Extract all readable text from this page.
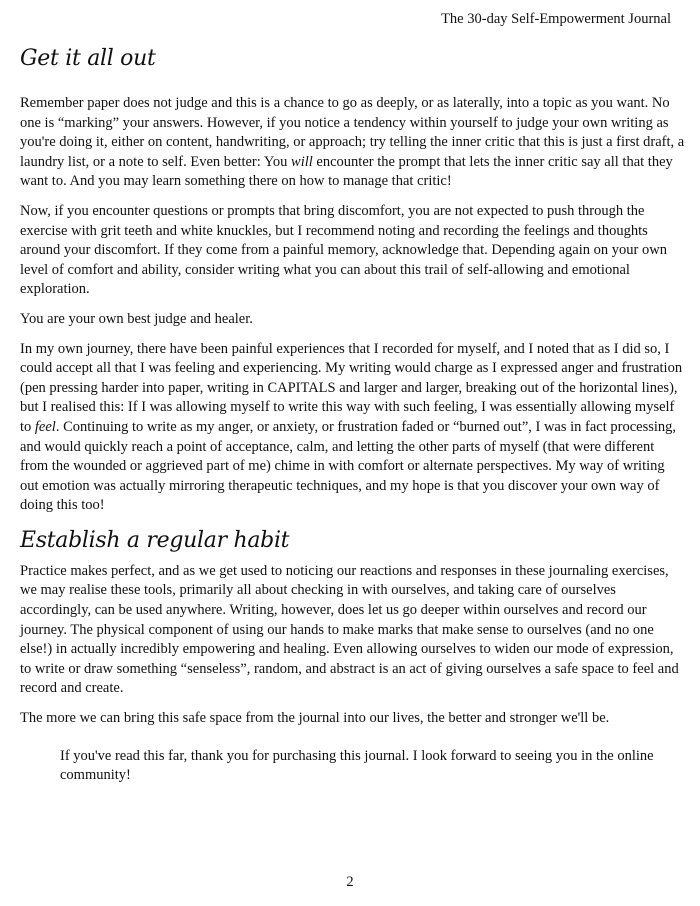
The 30-day Self-Empowerment Journal
Get it all out

Remember paper does not judge and this is a chance to go as deeply, or as laterally, into a topic as you want. No one is “marking” your answers. However, if you notice a tendency within yourself to judge your own writing as you're doing it, either on content, handwriting, or approach; try telling the inner critic that this is just a first draft, a laundry list, or a note to self. Even better: You will encounter the prompt that lets the inner critic say all that they want to. And you may learn something there on how to manage that critic!

Now, if you encounter questions or prompts that bring discomfort, you are not expected to push through the exercise with grit teeth and white knuckles, but I recommend noting and recording the feelings and thoughts around your discomfort. If they come from a painful memory, acknowledge that. Depending again on your own level of comfort and ability, consider writing what you can about this trail of self-allowing and emotional exploration.

You are your own best judge and healer.

In my own journey, there have been painful experiences that I recorded for myself, and I noted that as I did so, I could accept all that I was feeling and experiencing. My writing would charge as I expressed anger and frustration (pen pressing harder into paper, writing in CAPITALS and larger and larger, breaking out of the horizontal lines), but I realised this: If I was allowing myself to write this way with such feeling, I was essentially allowing myself to feel. Continuing to write as my anger, or anxiety, or frustration faded or “burned out”, I was in fact processing, and would quickly reach a point of acceptance, calm, and letting the other parts of myself (that were different from the wounded or aggrieved part of me) chime in with comfort or alternate perspectives. My way of writing out emotion was actually mirroring therapeutic techniques, and my hope is that you discover your own way of doing this too!

Establish a regular habit

Practice makes perfect, and as we get used to noticing our reactions and responses in these journaling exercises, we may realise these tools, primarily all about checking in with ourselves, and taking care of ourselves accordingly, can be used anywhere. Writing, however, does let us go deeper within ourselves and record our journey. The physical component of using our hands to make marks that make sense to ourselves (and no one else!) in actually incredibly empowering and healing. Even allowing ourselves to widen our mode of expression, to write or draw something “senseless”, random, and abstract is an act of giving ourselves a safe space to feel and record and create.

The more we can bring this safe space from the journal into our lives, the better and stronger we'll be.

If you've read this far, thank you for purchasing this journal. I look forward to seeing you in the online community!

2
